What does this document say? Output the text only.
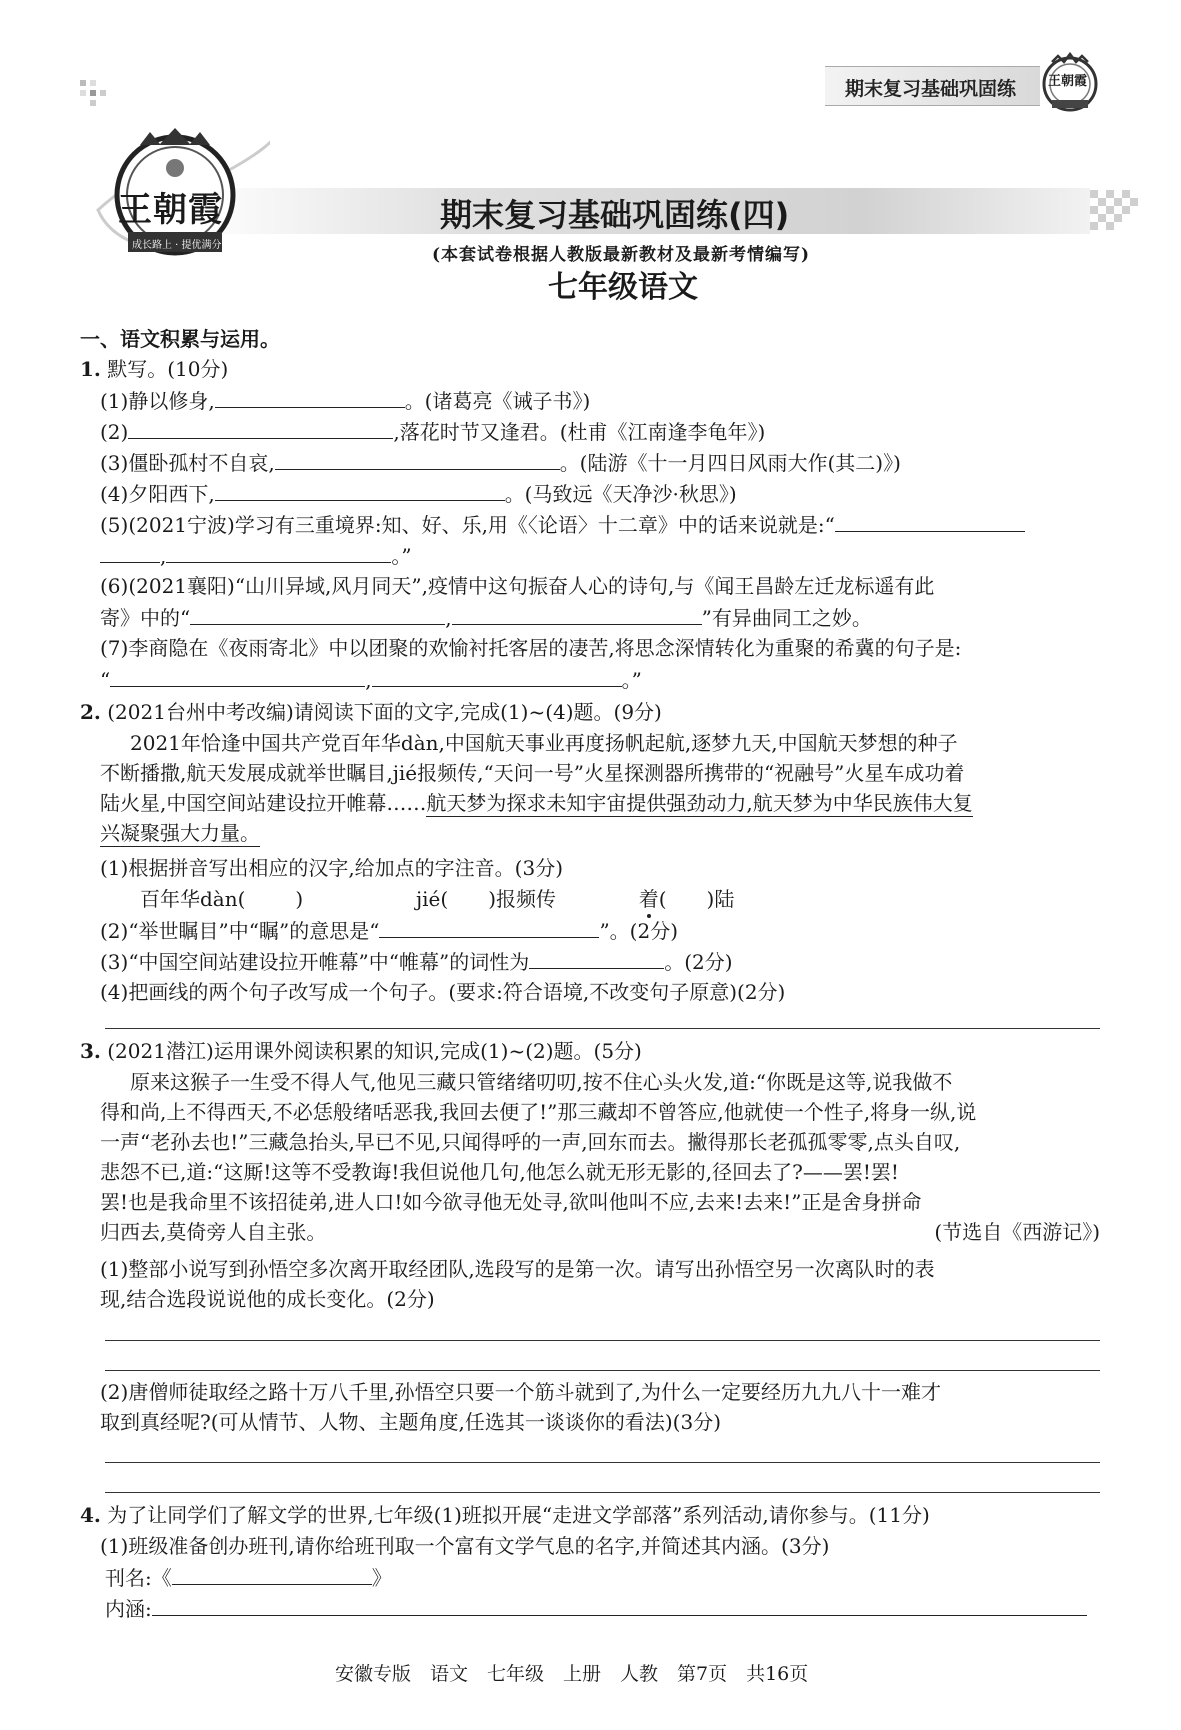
期末复习基础巩固练 王朝霞
王朝霞
成长路上 · 提优满分
期末复习基础巩固练(四)
(本套试卷根据人教版最新教材及最新考情编写)
七年级语文
一、语文积累与运用。
1. 默写。(10分)
(1)静以修身,	。(诸葛亮《诫子书》)
(2)	,落花时节又逢君。(杜甫《江南逢李龟年》)
(3)僵卧孤村不自哀,	。(陆游《十一月四日风雨大作(其二)》)
(4)夕阳西下,	。(马致远《天净沙·秋思》)
(5)(2021宁波)学习有三重境界:知、好、乐,用《〈论语〉十二章》中的话来说就是:“
,	。”
(6)(2021襄阳)“山川异域,风月同天”,疫情中这句振奋人心的诗句,与《闻王昌龄左迁龙标遥有此
寄》中的“	,	”有异曲同工之妙。
(7)李商隐在《夜雨寄北》中以团聚的欢愉衬托客居的凄苦,将思念深情转化为重聚的希冀的句子是:
“	,	。”
2. (2021台州中考改编)请阅读下面的文字,完成(1)~(4)题。(9分)
2021年恰逢中国共产党百年华dàn,中国航天事业再度扬帆起航,逐梦九天,中国航天梦想的种子
不断播撒,航天发展成就举世瞩目,jié报频传,“天问一号”火星探测器所携带的“祝融号”火星车成功着
陆火星,中国空间站建设拉开帷幕……航天梦为探求未知宇宙提供强劲动力,航天梦为中华民族伟大复
兴凝聚强大力量。
(1)根据拼音写出相应的汉字,给加点的字注音。(3分)
百年华dàn(	)	jié( )报频传	着( )陆
(2)“举世瞩目”中“瞩”的意思是“	”。(2分)
(3)“中国空间站建设拉开帷幕”中“帷幕”的词性为	。(2分)
(4)把画线的两个句子改写成一个句子。(要求:符合语境,不改变句子原意)(2分)
3. (2021潜江)运用课外阅读积累的知识,完成(1)~(2)题。(5分)
原来这猴子一生受不得人气,他见三藏只管绪绪叨叨,按不住心头火发,道:“你既是这等,说我做不
得和尚,上不得西天,不必恁般绪咶恶我,我回去便了!”那三藏却不曾答应,他就使一个性子,将身一纵,说
一声“老孙去也!”三藏急抬头,早已不见,只闻得呼的一声,回东而去。撇得那长老孤孤零零,点头自叹,
悲怨不已,道:“这厮!这等不受教诲!我但说他几句,他怎么就无形无影的,径回去了?——罢!罢!
罢!也是我命里不该招徒弟,进人口!如今欲寻他无处寻,欲叫他叫不应,去来!去来!”正是舍身拼命
归西去,莫倚旁人自主张。	(节选自《西游记》)
(1)整部小说写到孙悟空多次离开取经团队,选段写的是第一次。请写出孙悟空另一次离队时的表
现,结合选段说说他的成长变化。(2分)
(2)唐僧师徒取经之路十万八千里,孙悟空只要一个筋斗就到了,为什么一定要经历九九八十一难才
取到真经呢?(可从情节、人物、主题角度,任选其一谈谈你的看法)(3分)
4. 为了让同学们了解文学的世界,七年级(1)班拟开展“走进文学部落”系列活动,请你参与。(11分)
(1)班级准备创办班刊,请你给班刊取一个富有文学气息的名字,并简述其内涵。(3分)
刊名:《	》
内涵:
安徽专版　语文　七年级　上册　人教　第7页　共16页
